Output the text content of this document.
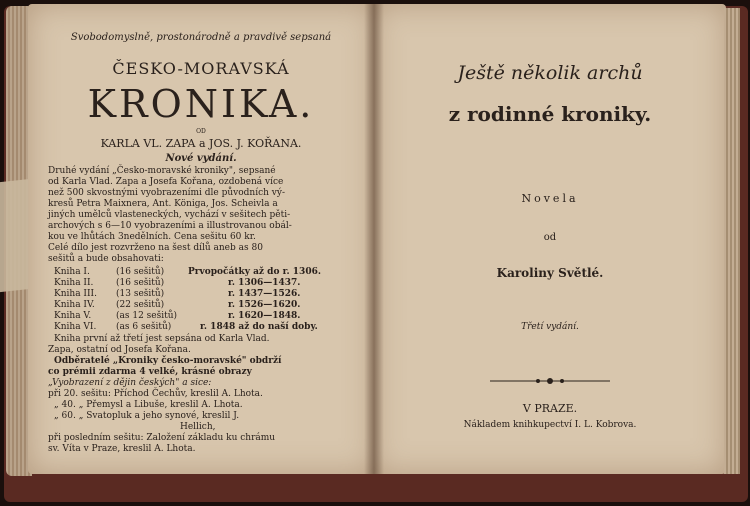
Svobodomyslně, prostonárodně a pravdivě sepsaná
ČESKO-MORAVSKÁ
KRONIKA.
OD
KARLA VL. ZAPA a JOS. J. KOŘANA.
Nové vydání.
Druhé vydání „Česko-moravské kroniky", sepsané
od Karla Vlad. Zapa a Josefa Kořana, ozdobená více
než 500 skvostnými vyobrazeními dle původních vý-
kresů Petra Maixnera, Ant. Königa, Jos. Scheivla a
jiných umělců vlasteneckých, vychází v sešitech pěti-
archových s 6—10 vyobrazeními a illustrovanou obál-
kou ve lhůtách 3nedělních. Cena sešitu 60 kr.
Celé dílo jest rozvrženo na šest dílů aneb as 80
sešitů a bude obsahovati:
Kniha I.	(16 sešitů)	Prvopočátky až do r. 1306.
Kniha II.	(16 sešitů)	r. 1306—1437.
Kniha III. (13 sešitů)	r. 1437—1526.
Kniha IV. (22 sešitů)	r. 1526—1620.
Kniha V.	(as 12 sešitů)	r. 1620—1848.
Kniha VI. (as 6 sešitů)	r. 1848 až do naší doby.
Kniha první až třetí jest sepsána od Karla Vlad.
Zapa, ostatní od Josefa Kořana.
Odběratelé „Kroniky česko-moravské" obdrží
co prémii zdarma 4 velké, krásné obrazy
„Vyobrazení z dějin českých" a sice:
při 20. sešitu: Příchod Čechův, kreslil A. Lhota.
„ 40. „ Přemysl a Libuše, kreslil A. Lhota.
„ 60. „ Svatopluk a jeho synové, kreslil J.
Hellich,
při posledním sešitu: Založení základu ku chrámu
sv. Víta v Praze, kreslil A. Lhota.
Ještě několik archů
z rodinné kroniky.
Novela
od
Karoliny Světlé.
Třetí vydání.
V PRAZE.
Nákladem knihkupectví I. L. Kobrova.
